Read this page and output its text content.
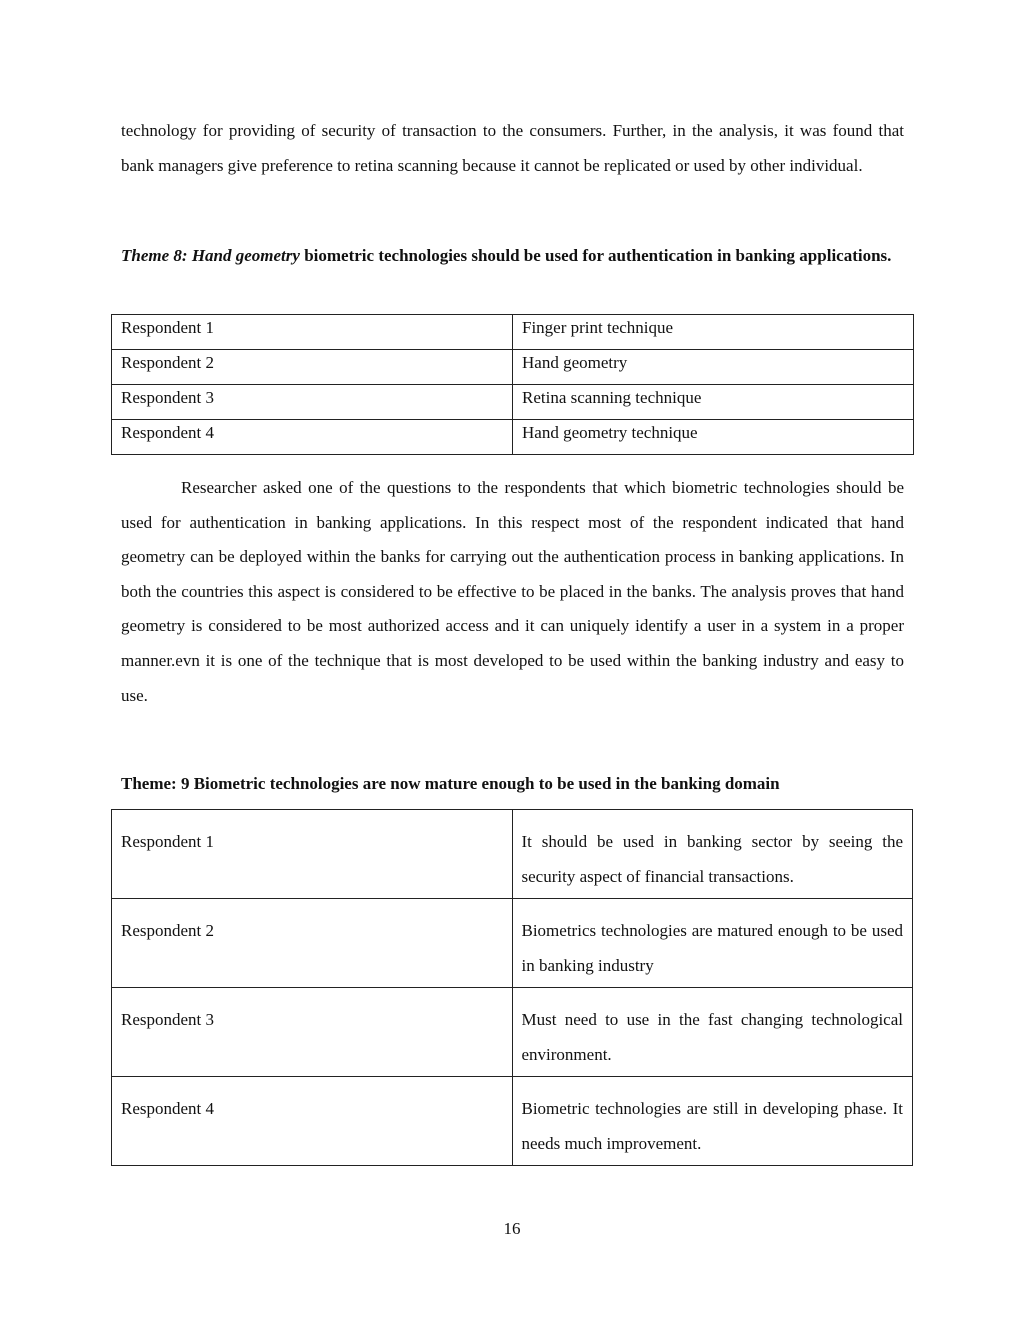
technology for providing of security of transaction to the consumers. Further, in the analysis, it was found that bank managers give preference to retina scanning because it cannot be replicated or used by other individual.

Theme 8: Hand geometry biometric technologies should be used for authentication in banking applications.

Respondent 1	Finger print technique
Respondent 2	Hand geometry
Respondent 3	Retina scanning technique
Respondent 4	Hand geometry technique

Researcher asked one of the questions to the respondents that which biometric technologies should be used for authentication in banking applications. In this respect most of the respondent indicated that hand geometry can be deployed within the banks for carrying out the authentication process in banking applications. In both the countries this aspect is considered to be effective to be placed in the banks. The analysis proves that hand geometry is considered to be most authorized access and it can uniquely identify a user in a system in a proper manner.evn it is one of the technique that is most developed to be used within the banking industry and easy to use.

Theme: 9 Biometric technologies are now mature enough to be used in the banking domain

Respondent 1	It should be used in banking sector by seeing the security aspect of financial transactions.
Respondent 2	Biometrics technologies are matured enough to be used in banking industry
Respondent 3	Must need to use in the fast changing technological environment.
Respondent 4	Biometric technologies are still in developing phase. It needs much improvement.
16
